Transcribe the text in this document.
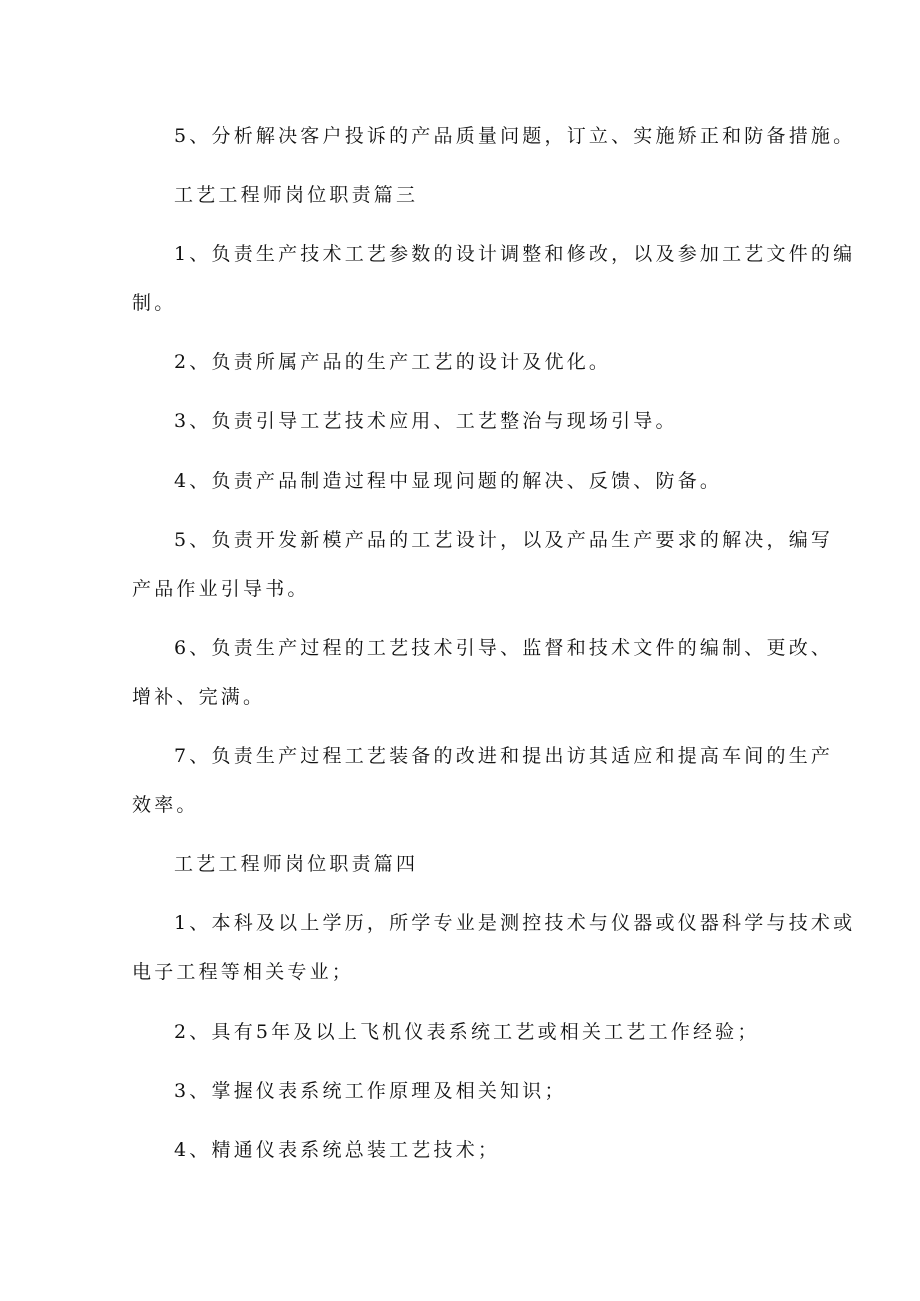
5、分析解决客户投诉的产品质量问题，订立、实施矫正和防备措施。
工艺工程师岗位职责篇三
1、负责生产技术工艺参数的设计调整和修改，以及参加工艺文件的编
制。
2、负责所属产品的生产工艺的设计及优化。
3、负责引导工艺技术应用、工艺整治与现场引导。
4、负责产品制造过程中显现问题的解决、反馈、防备。
5、负责开发新模产品的工艺设计，以及产品生产要求的解决，编写
产品作业引导书。
6、负责生产过程的工艺技术引导、监督和技术文件的编制、更改、
增补、完满。
7、负责生产过程工艺装备的改进和提出访其适应和提高车间的生产
效率。
工艺工程师岗位职责篇四
1、本科及以上学历，所学专业是测控技术与仪器或仪器科学与技术或
电子工程等相关专业；
2、具有5年及以上飞机仪表系统工艺或相关工艺工作经验；
3、掌握仪表系统工作原理及相关知识；
4、精通仪表系统总装工艺技术；
